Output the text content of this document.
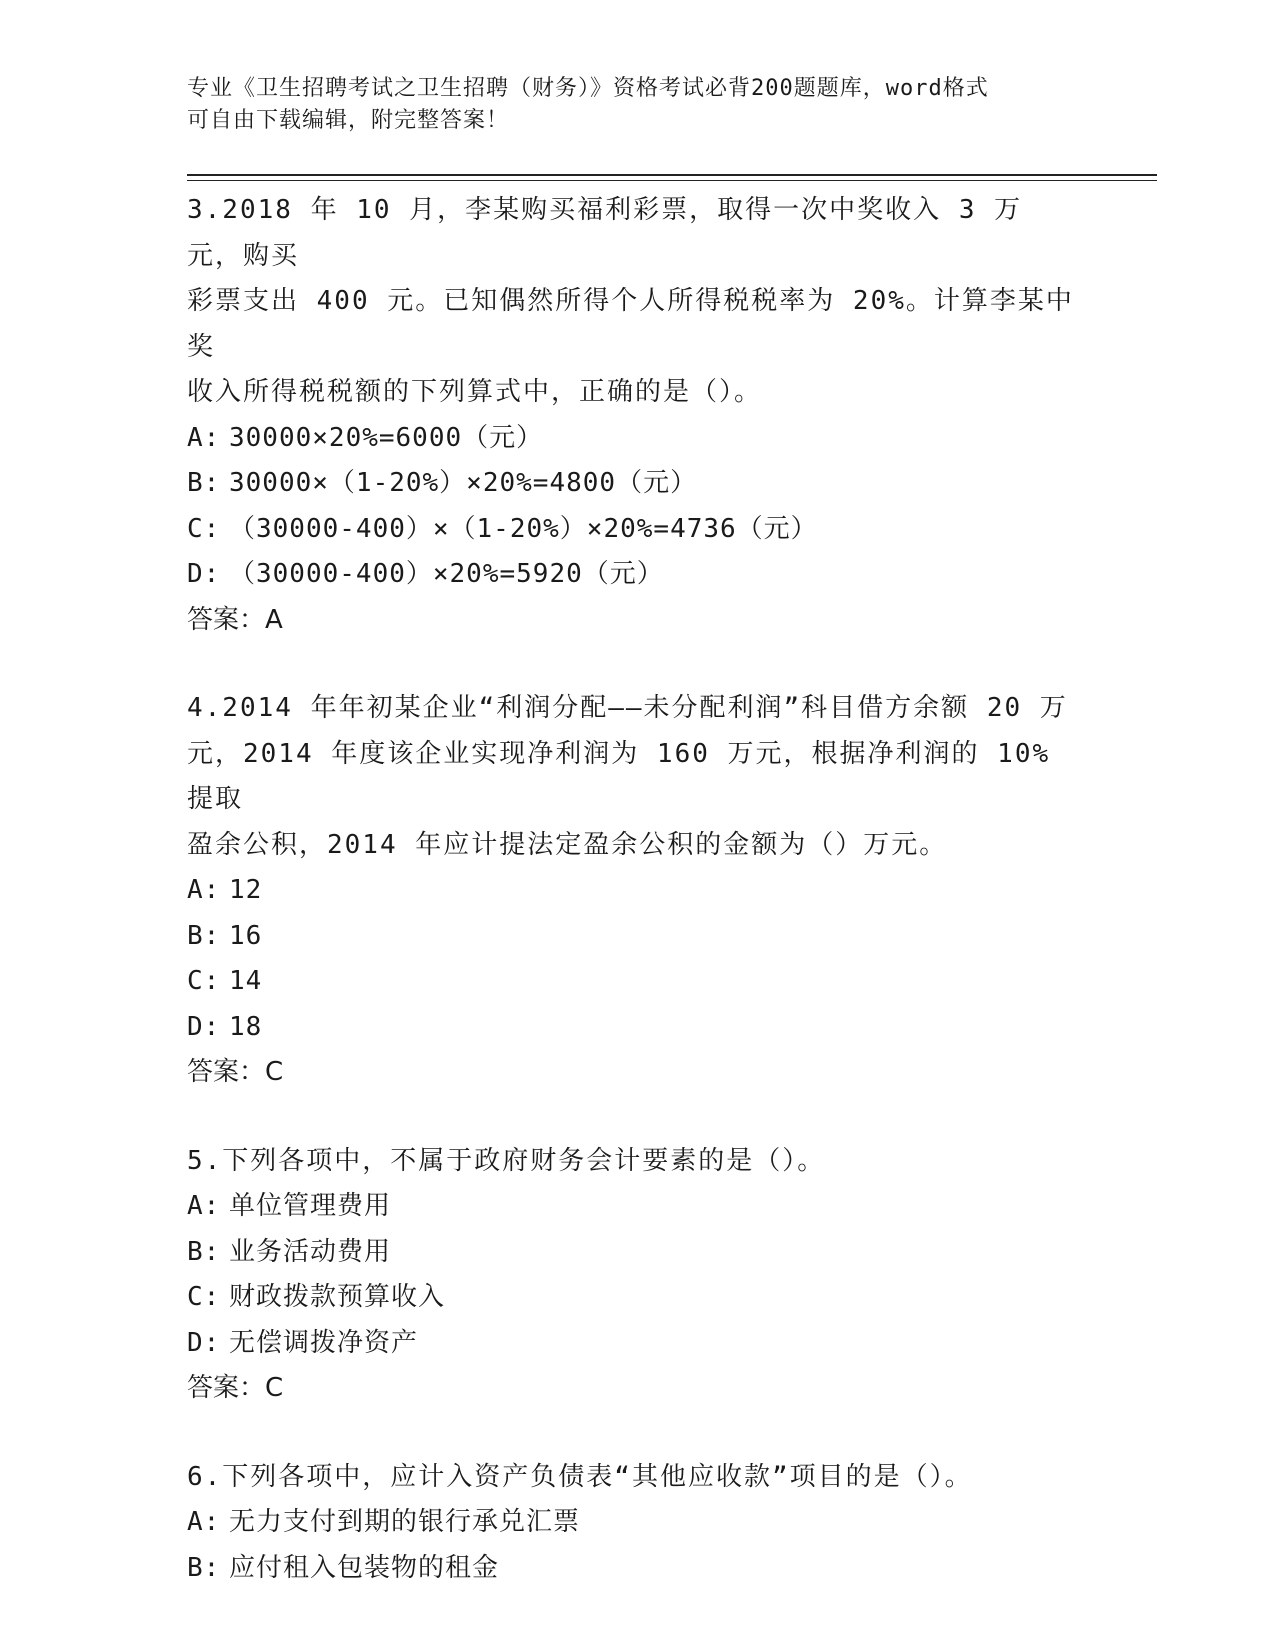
专业《卫生招聘考试之卫生招聘（财务）》资格考试必背200题题库，word格式
可自由下载编辑，附完整答案！

3.2018 年 10 月，李某购买福利彩票，取得一次中奖收入 3 万元，购买

彩票支出 400 元。已知偶然所得个人所得税税率为 20%。计算李某中奖

收入所得税税额的下列算式中，正确的是（）。

A: 30000×20%=6000（元）

B: 30000×（1-20%）×20%=4800（元）

C: （30000-400）×（1-20%）×20%=4736（元）

D: （30000-400）×20%=5920（元）

答案：A

4.2014 年年初某企业“利润分配——未分配利润”科目借方余额 20 万

元，2014 年度该企业实现净利润为 160 万元，根据净利润的 10%提取

盈余公积，2014 年应计提法定盈余公积的金额为（）万元。

A: 12

B: 16

C: 14

D: 18

答案：C

5.下列各项中，不属于政府财务会计要素的是（）。

A: 单位管理费用

B: 业务活动费用

C: 财政拨款预算收入

D: 无偿调拨净资产

答案：C

6.下列各项中，应计入资产负债表“其他应收款”项目的是（）。

A: 无力支付到期的银行承兑汇票

B: 应付租入包装物的租金
